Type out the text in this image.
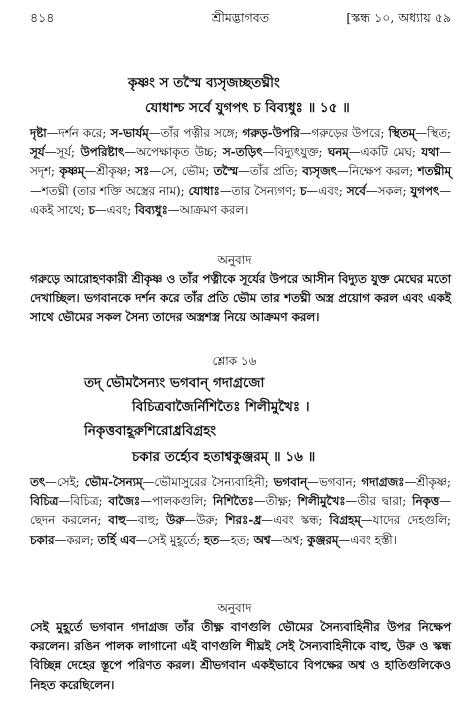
৪১৪	শ্রীমদ্ভাগবত	[স্কন্ধ ১০, অধ্যায় ৫৯
কৃষ্ণং স তস্মৈ ব্যসৃজচ্ছতঘ্নীং
যোধাশ্চ সর্বে যুগপৎ চ বিব্যধুঃ ॥ ১৫ ॥
দৃষ্টা—দর্শন করে; স-ভার্যম্—তাঁর পত্নীর সঙ্গে; গরুড়-উপরি—গরুড়ের উপরে; স্থিতম্—স্থিত; সূর্য—সূর্য; উপরিষ্টাৎ—অপেক্ষাকৃত উচ্চ; স-তড়িৎ—বিদ্যুৎযুক্ত; ঘনম্—একটি মেঘ; যথা—সদৃশ; কৃষ্ণম্—শ্রীকৃষ্ণ; সঃ—সে, ভৌম; তস্মৈ—তাঁর প্রতি; ব্যসৃজৎ—নিক্ষেপ করল; শতঘ্নীম্—শতঘ্নী (তার শক্তি অস্ত্রের নাম); যোধাঃ—তার সৈন্যগণ; চ—এবং; সর্বে—সকল; যুগপৎ—একই সাথে; চ—এবং; বিব্যধুঃ—আক্রমণ করল।
অনুবাদ
গরুড়ে আরোহণকারী শ্রীকৃষ্ণ ও তাঁর পত্নীকে সূর্যের উপরে আসীন বিদ্যুত যুক্ত মেঘের মতো দেখাচ্ছিল। ভগবানকে দর্শন করে তাঁর প্রতি ভৌম তার শতঘ্নী অস্ত্র প্রয়োগ করল এবং একই সাথে ভৌমের সকল সৈন্য তাদের অস্ত্রশস্ত্র নিয়ে আক্রমণ করল।
শ্লোক ১৬
তদ্ ভৌমসৈন্যং ভগবান্ গদাগ্রজো
বিচিত্রবাজৈর্নিশিতৈঃ শিলীমুখৈঃ ।
নিকৃত্তবাহূরুশিরোধ্রবিগ্রহং
চকার তর্হ্যেব হতাশ্বকুঞ্জরম্ ॥ ১৬ ॥
তৎ—সেই; ভৌম-সৈন্যম্—ভৌমাসুরের সৈন্যবাহিনী; ভগবান্—ভগবান; গদাগ্রজঃ—শ্রীকৃষ্ণ; বিচিত্র—বিচিত্র; বাজৈঃ—পালকগুলি; নিশিতৈঃ—তীক্ষ্ণ; শিলীমুখৈঃ—তীর দ্বারা; নিকৃত্ত—ছেদন করলেন; বাহু—বাহু; উরু—উরু; শিরঃ-ধ্র—এবং স্কন্ধ; বিগ্রহম্—যাদের দেহগুলি; চকার—করল; তর্হি এব—সেই মুহূর্তে; হত—হত; অশ্ব—অশ্ব; কুঞ্জরম্—এবং হস্তী।
অনুবাদ
সেই মুহূর্তে ভগবান গদাগ্রজ তাঁর তীক্ষ্ণ বাণগুলি ভৌমের সৈন্যবাহিনীর উপর নিক্ষেপ করলেন। রঙিন পালক লাগানো এই বাণগুলি শীঘ্রই সেই সৈন্যবাহিনীকে বাহু, উরু ও স্কন্ধ বিচ্ছিন্ন দেহের স্তূপে পরিণত করল। শ্রীভগবান একইভাবে বিপক্ষের অশ্ব ও হাতিগুলিকেও নিহত করেছিলেন।
